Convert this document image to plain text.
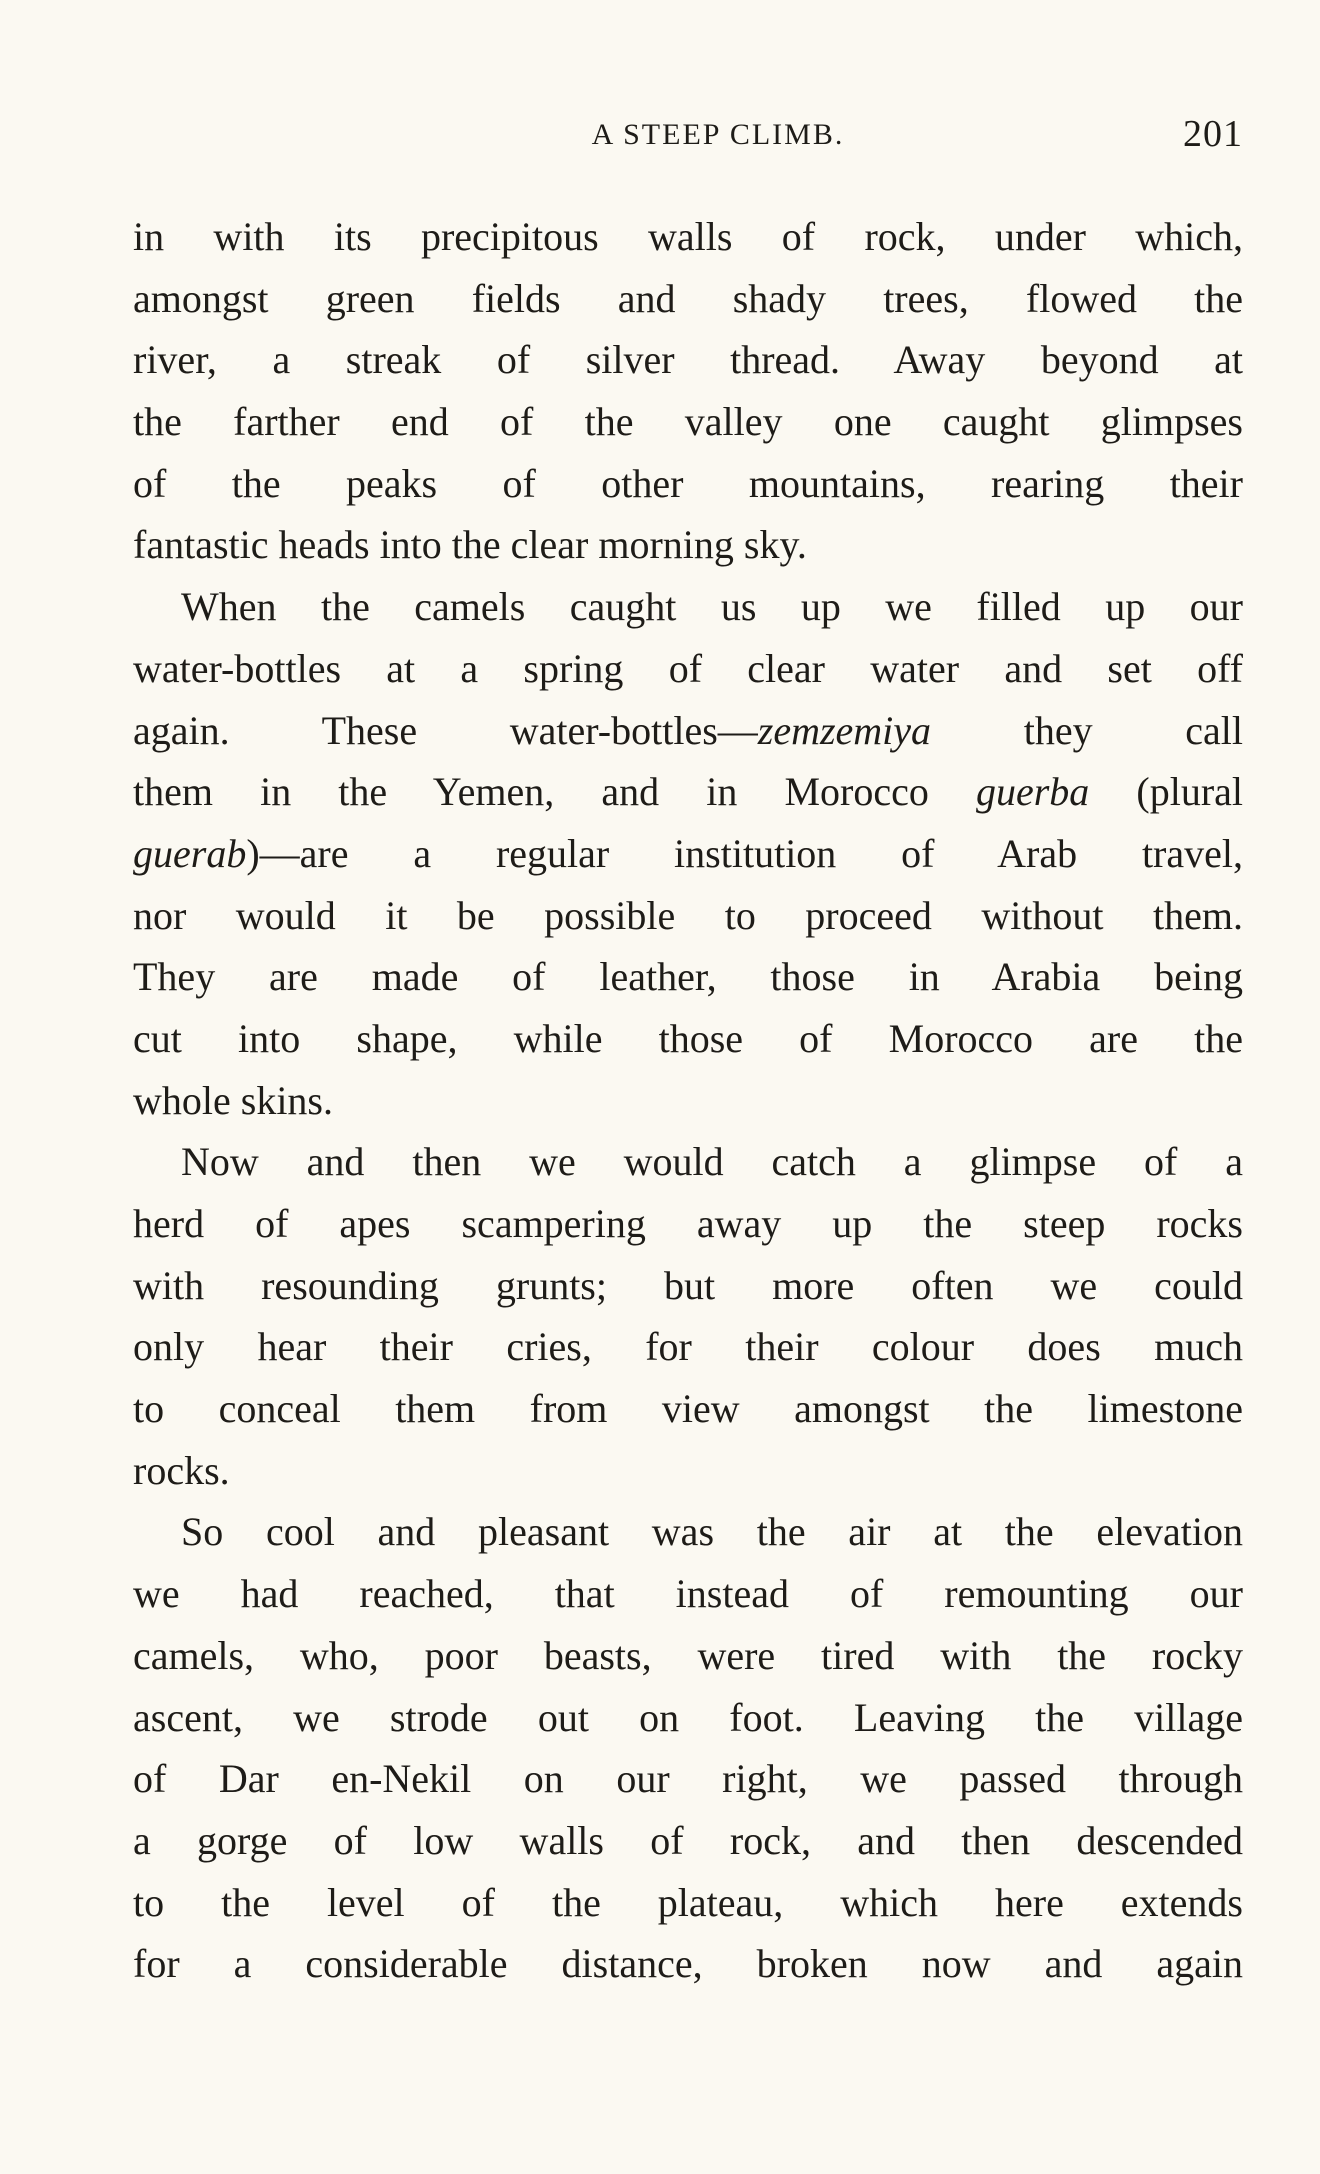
A STEEP CLIMB.	201
in with its precipitous walls of rock, under which,
amongst green fields and shady trees, flowed the
river, a streak of silver thread. Away beyond at
the farther end of the valley one caught glimpses
of the peaks of other mountains, rearing their
fantastic heads into the clear morning sky.
When the camels caught us up we filled up our
water-bottles at a spring of clear water and set off
again. These water-bottles—zemzemiya they call
them in the Yemen, and in Morocco guerba (plural
guerab)—are a regular institution of Arab travel,
nor would it be possible to proceed without them.
They are made of leather, those in Arabia being
cut into shape, while those of Morocco are the
whole skins.
Now and then we would catch a glimpse of a
herd of apes scampering away up the steep rocks
with resounding grunts; but more often we could
only hear their cries, for their colour does much
to conceal them from view amongst the limestone
rocks.
So cool and pleasant was the air at the elevation
we had reached, that instead of remounting our
camels, who, poor beasts, were tired with the rocky
ascent, we strode out on foot. Leaving the village
of Dar en-Nekil on our right, we passed through
a gorge of low walls of rock, and then descended
to the level of the plateau, which here extends
for a considerable distance, broken now and again
